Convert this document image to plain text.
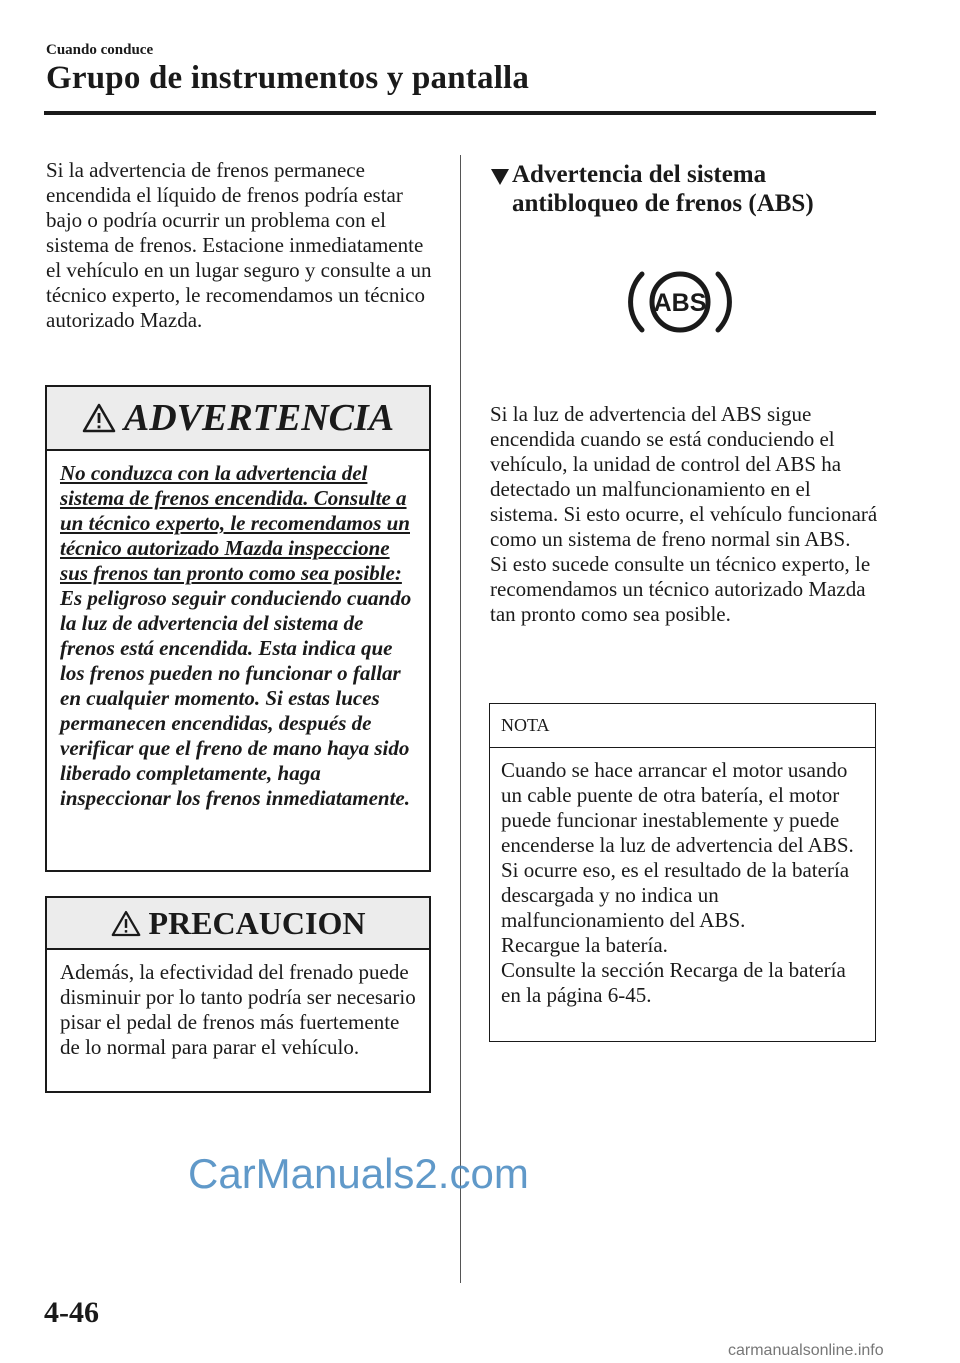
Cuando conduce
Grupo de instrumentos y pantalla

Si la advertencia de frenos permanece encendida el líquido de frenos podría estar bajo o podría ocurrir un problema con el sistema de frenos. Estacione inmediatamente el vehículo en un lugar seguro y consulte a un técnico experto, le recomendamos un técnico autorizado Mazda.

ADVERTENCIA

No conduzca con la advertencia del sistema de frenos encendida. Consulte a un técnico experto, le recomendamos un técnico autorizado Mazda inspeccione sus frenos tan pronto como sea posible:

Es peligroso seguir conduciendo cuando la luz de advertencia del sistema de frenos está encendida. Esta indica que los frenos pueden no funcionar o fallar en cualquier momento. Si estas luces permanecen encendidas, después de verificar que el freno de mano haya sido liberado completamente, haga inspeccionar los frenos inmediatamente.

PRECAUCION

Además, la efectividad del frenado puede disminuir por lo tanto podría ser necesario pisar el pedal de frenos más fuertemente de lo normal para parar el vehículo.

Advertencia del sistema antibloqueo de frenos (ABS)
ABS

Si la luz de advertencia del ABS sigue encendida cuando se está conduciendo el vehículo, la unidad de control del ABS ha detectado un malfuncionamiento en el sistema. Si esto ocurre, el vehículo funcionará como un sistema de freno normal sin ABS.

Si esto sucede consulte un técnico experto, le recomendamos un técnico autorizado Mazda tan pronto como sea posible.

NOTA

Cuando se hace arrancar el motor usando un cable puente de otra batería, el motor puede funcionar inestablemente y puede encenderse la luz de advertencia del ABS. Si ocurre eso, es el resultado de la batería descargada y no indica un malfuncionamiento del ABS.

Recargue la batería.

Consulte la sección Recarga de la batería en la página 6-45.

CarManuals2.com
4-46
carmanualsonline.info
